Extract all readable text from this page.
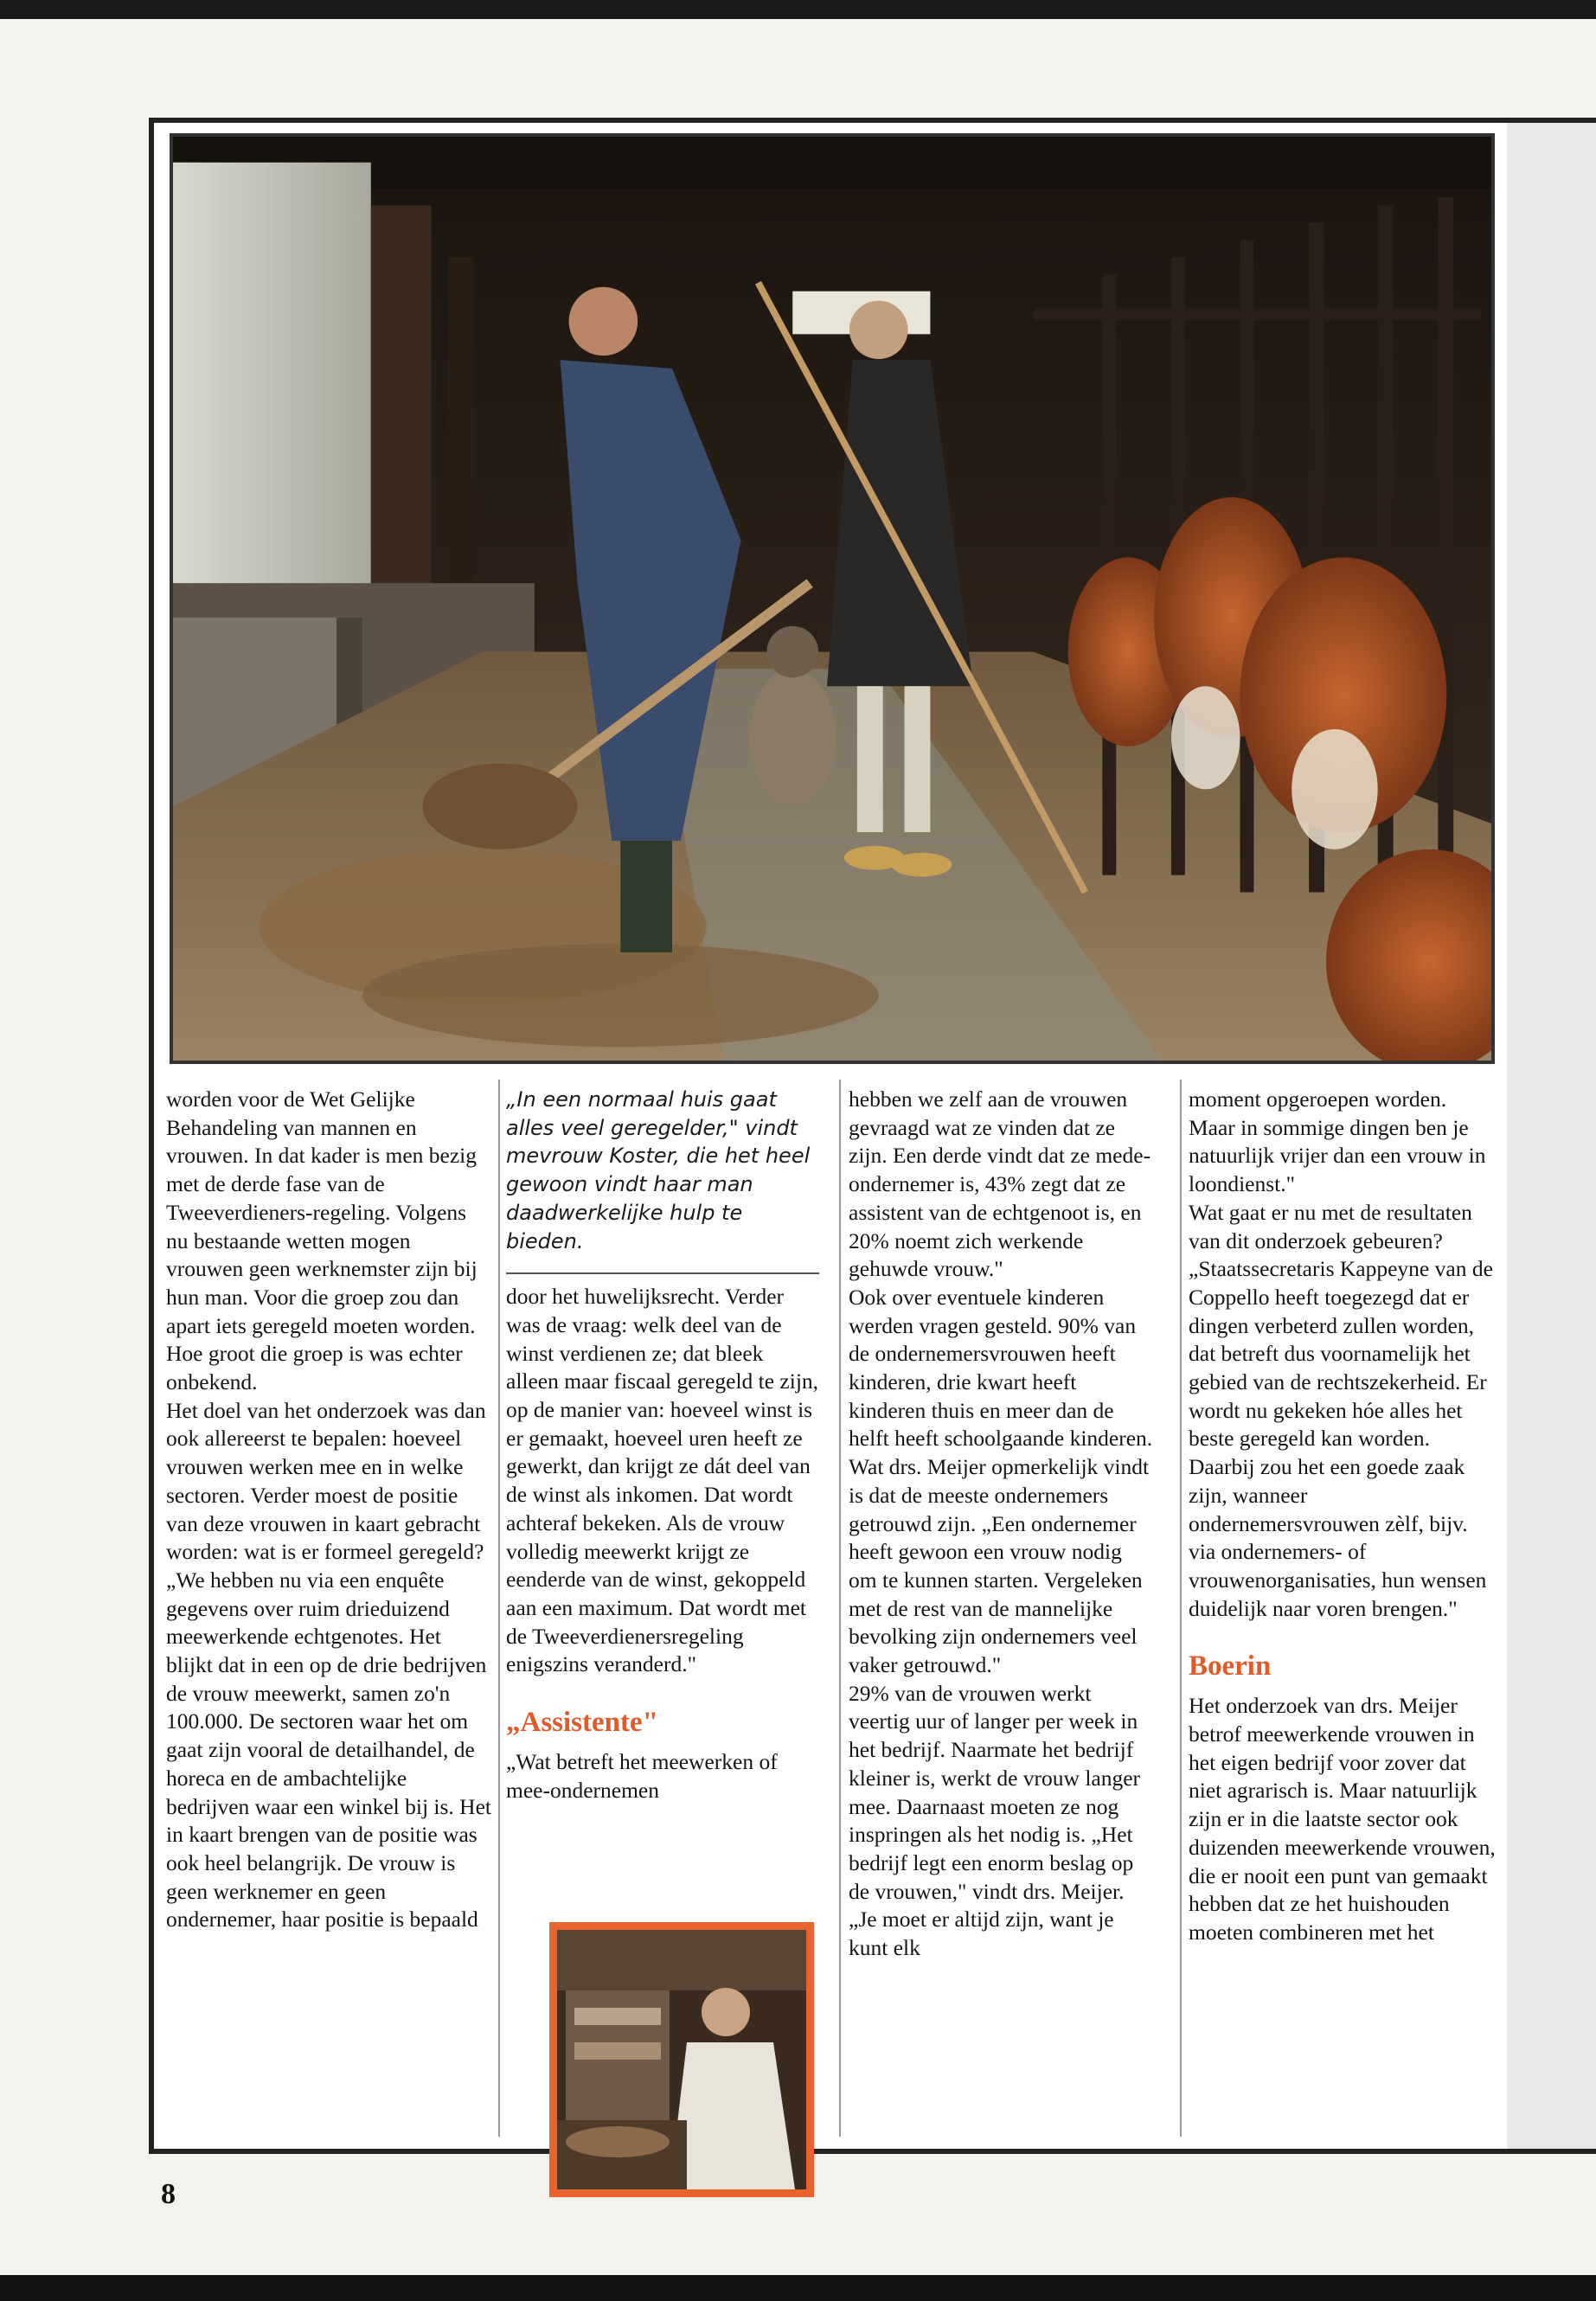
worden voor de Wet Gelijke Behandeling van mannen en vrouwen. In dat kader is men bezig met de derde fase van de Tweeverdieners-regeling. Volgens nu bestaande wetten mogen vrouwen geen werknemster zijn bij hun man. Voor die groep zou dan apart iets geregeld moeten worden. Hoe groot die groep is was echter onbekend.

Het doel van het onderzoek was dan ook allereerst te bepalen: hoeveel vrouwen werken mee en in welke sectoren. Verder moest de positie van deze vrouwen in kaart gebracht worden: wat is er formeel geregeld?

„We hebben nu via een enquête gegevens over ruim drieduizend meewerkende echtgenotes. Het blijkt dat in een op de drie bedrijven de vrouw meewerkt, samen zo'n 100.000. De sectoren waar het om gaat zijn vooral de detailhandel, de horeca en de ambachtelijke bedrijven waar een winkel bij is. Het in kaart brengen van de positie was ook heel belangrijk. De vrouw is geen werknemer en geen ondernemer, haar positie is bepaald

„In een normaal huis gaat alles veel geregelder," vindt mevrouw Koster, die het heel gewoon vindt haar man daadwerkelijke hulp te bieden.

door het huwelijksrecht. Verder was de vraag: welk deel van de winst verdienen ze; dat bleek alleen maar fiscaal geregeld te zijn, op de manier van: hoeveel winst is er gemaakt, hoeveel uren heeft ze gewerkt, dan krijgt ze dát deel van de winst als inkomen. Dat wordt achteraf bekeken. Als de vrouw volledig meewerkt krijgt ze eenderde van de winst, gekoppeld aan een maximum. Dat wordt met de Tweeverdienersregeling enigszins veranderd."

„Assistente"

„Wat betreft het meewerken of mee-ondernemen

hebben we zelf aan de vrouwen gevraagd wat ze vinden dat ze zijn. Een derde vindt dat ze mede-ondernemer is, 43% zegt dat ze assistent van de echtgenoot is, en 20% noemt zich werkende gehuwde vrouw."

Ook over eventuele kinderen werden vragen gesteld. 90% van de ondernemersvrouwen heeft kinderen, drie kwart heeft kinderen thuis en meer dan de helft heeft schoolgaande kinderen. Wat drs. Meijer opmerkelijk vindt is dat de meeste ondernemers getrouwd zijn. „Een ondernemer heeft gewoon een vrouw nodig om te kunnen starten. Vergeleken met de rest van de mannelijke bevolking zijn ondernemers veel vaker getrouwd."

29% van de vrouwen werkt veertig uur of langer per week in het bedrijf. Naarmate het bedrijf kleiner is, werkt de vrouw langer mee. Daarnaast moeten ze nog inspringen als het nodig is. „Het bedrijf legt een enorm beslag op de vrouwen," vindt drs. Meijer. „Je moet er altijd zijn, want je kunt elk

moment opgeroepen worden. Maar in sommige dingen ben je natuurlijk vrijer dan een vrouw in loondienst."

Wat gaat er nu met de resultaten van dit onderzoek gebeuren?

„Staatssecretaris Kappeyne van de Coppello heeft toegezegd dat er dingen verbeterd zullen worden, dat betreft dus voornamelijk het gebied van de rechtszekerheid. Er wordt nu gekeken hóe alles het beste geregeld kan worden. Daarbij zou het een goede zaak zijn, wanneer ondernemersvrouwen zèlf, bijv. via ondernemers- of vrouwenorganisaties, hun wensen duidelijk naar voren brengen."

Boerin

Het onderzoek van drs. Meijer betrof meewerkende vrouwen in het eigen bedrijf voor zover dat niet agrarisch is. Maar natuurlijk zijn er in die laatste sector ook duizenden meewerkende vrouwen, die er nooit een punt van gemaakt hebben dat ze het huishouden moeten combineren met het

8
